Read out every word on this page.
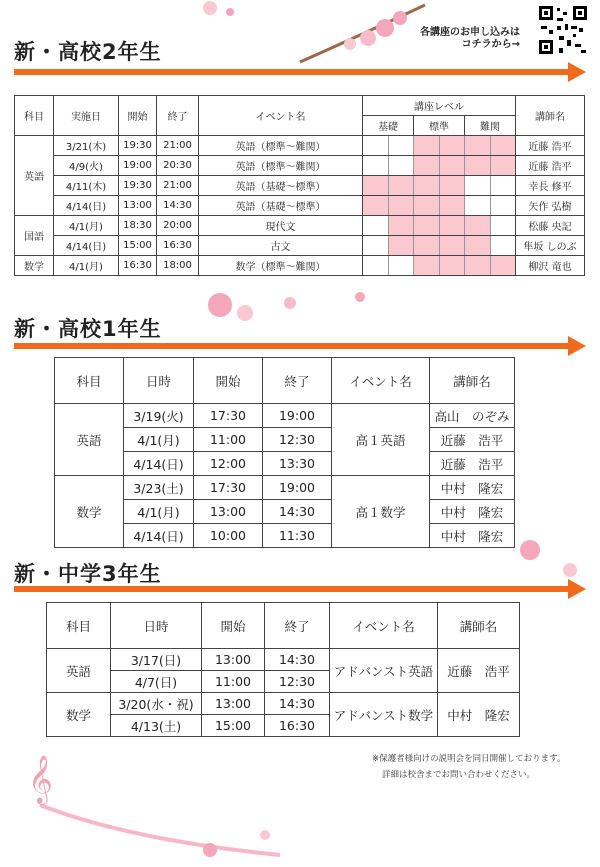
𝄞
各講座のお申し込みは
コチラから→
新・高校2年生
科目	実施日	開始	終了	イベント名	講座レベル			講師名
					基礎	標準	難関	
英語	3/21(木)	19:30	21:00	英語（標準～難関）				近藤 浩平
	4/9(火)	19:00	20:30	英語（標準～難関）				近藤 浩平
	4/11(木)	19:30	21:00	英語（基礎～標準）				幸長 修平
	4/14(日)	13:00	14:30	英語（基礎～標準）				矢作 弘樹
国語	4/1(月)	18:30	20:00	現代文				松藤 央記
	4/14(日)	15:00	16:30	古文				隼坂 しのぶ
数学	4/1(月)	16:30	18:00	数学（標準～難関）				柳沢 竜也
新・高校1年生
科目	日時	開始	終了	イベント名	講師名
英語	3/19(火)	17:30	19:00	高１英語	高山　のぞみ
	4/1(月)	11:00	12:30		近藤　浩平
	4/14(日)	12:00	13:30		近藤　浩平
数学	3/23(土)	17:30	19:00	高１数学	中村　隆宏
	4/1(月)	13:00	14:30		中村　隆宏
	4/14(日)	10:00	11:30		中村　隆宏
新・中学3年生
科目	日時	開始	終了	イベント名	講師名
英語	3/17(日)	13:00	14:30	アドバンスト英語	近藤　浩平
	4/7(日)	11:00	12:30		
数学	3/20(水・祝)	13:00	14:30	アドバンスト数学	中村　隆宏
	4/13(土)	15:00	16:30		
※保護者様向けの説明会を同日開催しております。
詳細は校舎までお問い合わせください。
